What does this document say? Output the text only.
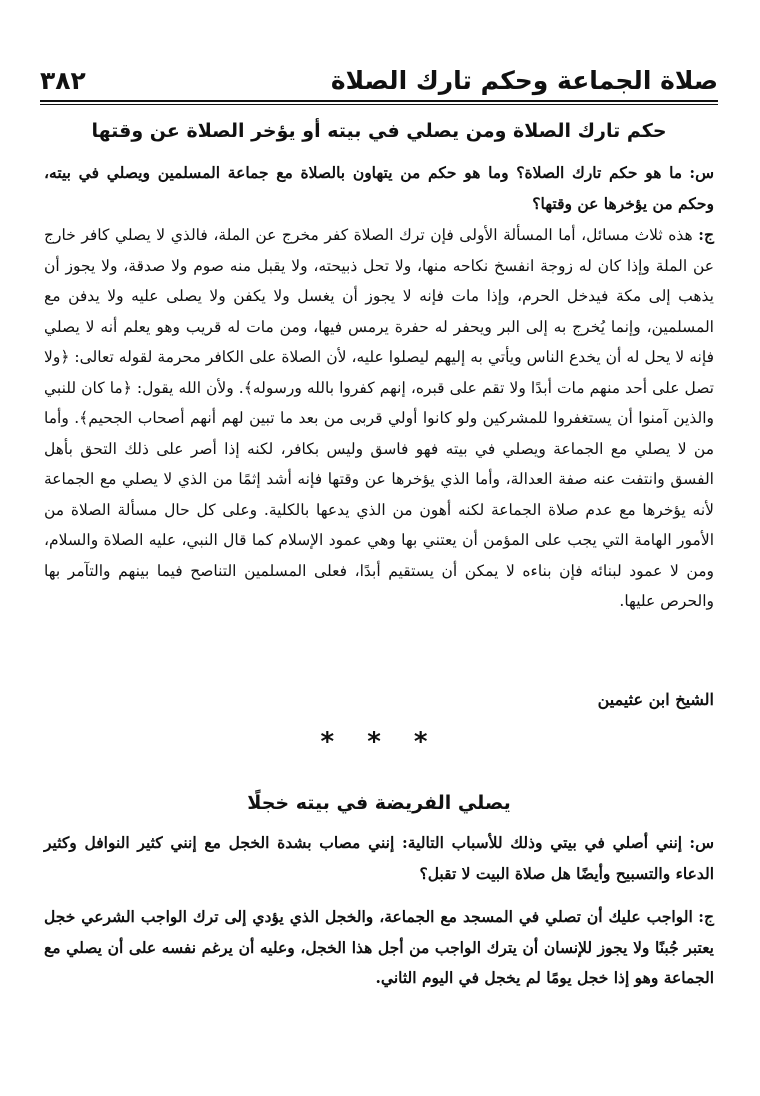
صلاة الجماعة وحكم تارك الصلاة
٣٨٢
حكم تارك الصلاة ومن يصلي في بيته أو يؤخر الصلاة عن وقتها
س: ما هو حكم تارك الصلاة؟ وما هو حكم من يتهاون بالصلاة مع جماعة المسلمين ويصلي في بيته، وحكم من يؤخرها عن وقتها؟
ج: هذه ثلاث مسائل، أما المسألة الأولى فإن ترك الصلاة كفر مخرج عن الملة، فالذي لا يصلي كافر خارج عن الملة وإذا كان له زوجة انفسخ نكاحه منها، ولا تحل ذبيحته، ولا يقبل منه صوم ولا صدقة، ولا يجوز أن يذهب إلى مكة فيدخل الحرم، وإذا مات فإنه لا يجوز أن يغسل ولا يكفن ولا يصلى عليه ولا يدفن مع المسلمين، وإنما يُخرج به إلى البر ويحفر له حفرة يرمس فيها، ومن مات له قريب وهو يعلم أنه لا يصلي فإنه لا يحل له أن يخدع الناس ويأتي به إليهم ليصلوا عليه، لأن الصلاة على الكافر محرمة لقوله تعالى: ﴿ولا تصل على أحد منهم مات أبدًا ولا تقم على قبره، إنهم كفروا بالله ورسوله﴾. ولأن الله يقول: ﴿ما كان للنبي والذين آمنوا أن يستغفروا للمشركين ولو كانوا أولي قربى من بعد ما تبين لهم أنهم أصحاب الجحيم﴾. وأما من لا يصلي مع الجماعة ويصلي في بيته فهو فاسق وليس بكافر، لكنه إذا أصر على ذلك التحق بأهل الفسق وانتفت عنه صفة العدالة، وأما الذي يؤخرها عن وقتها فإنه أشد إثمًا من الذي لا يصلي مع الجماعة لأنه يؤخرها مع عدم صلاة الجماعة لكنه أهون من الذي يدعها بالكلية. وعلى كل حال مسألة الصلاة من الأمور الهامة التي يجب على المؤمن أن يعتني بها وهي عمود الإسلام كما قال النبي، عليه الصلاة والسلام، ومن لا عمود لبنائه فإن بناءه لا يمكن أن يستقيم أبدًا، فعلى المسلمين التناصح فيما بينهم والتآمر بها والحرص عليها.
الشيخ ابن عثيمين
* * *
يصلي الفريضة في بيته خجلًا
س: إنني أصلي في بيتي وذلك للأسباب التالية: إنني مصاب بشدة الخجل مع إنني كثير النوافل وكثير الدعاء والتسبيح وأيضًا هل صلاة البيت لا تقبل؟
ج: الواجب عليك أن تصلي في المسجد مع الجماعة، والخجل الذي يؤدي إلى ترك الواجب الشرعي خجل يعتبر جُبنًا ولا يجوز للإنسان أن يترك الواجب من أجل هذا الخجل، وعليه أن يرغم نفسه على أن يصلي مع الجماعة وهو إذا خجل يومًا لم يخجل في اليوم الثاني.
